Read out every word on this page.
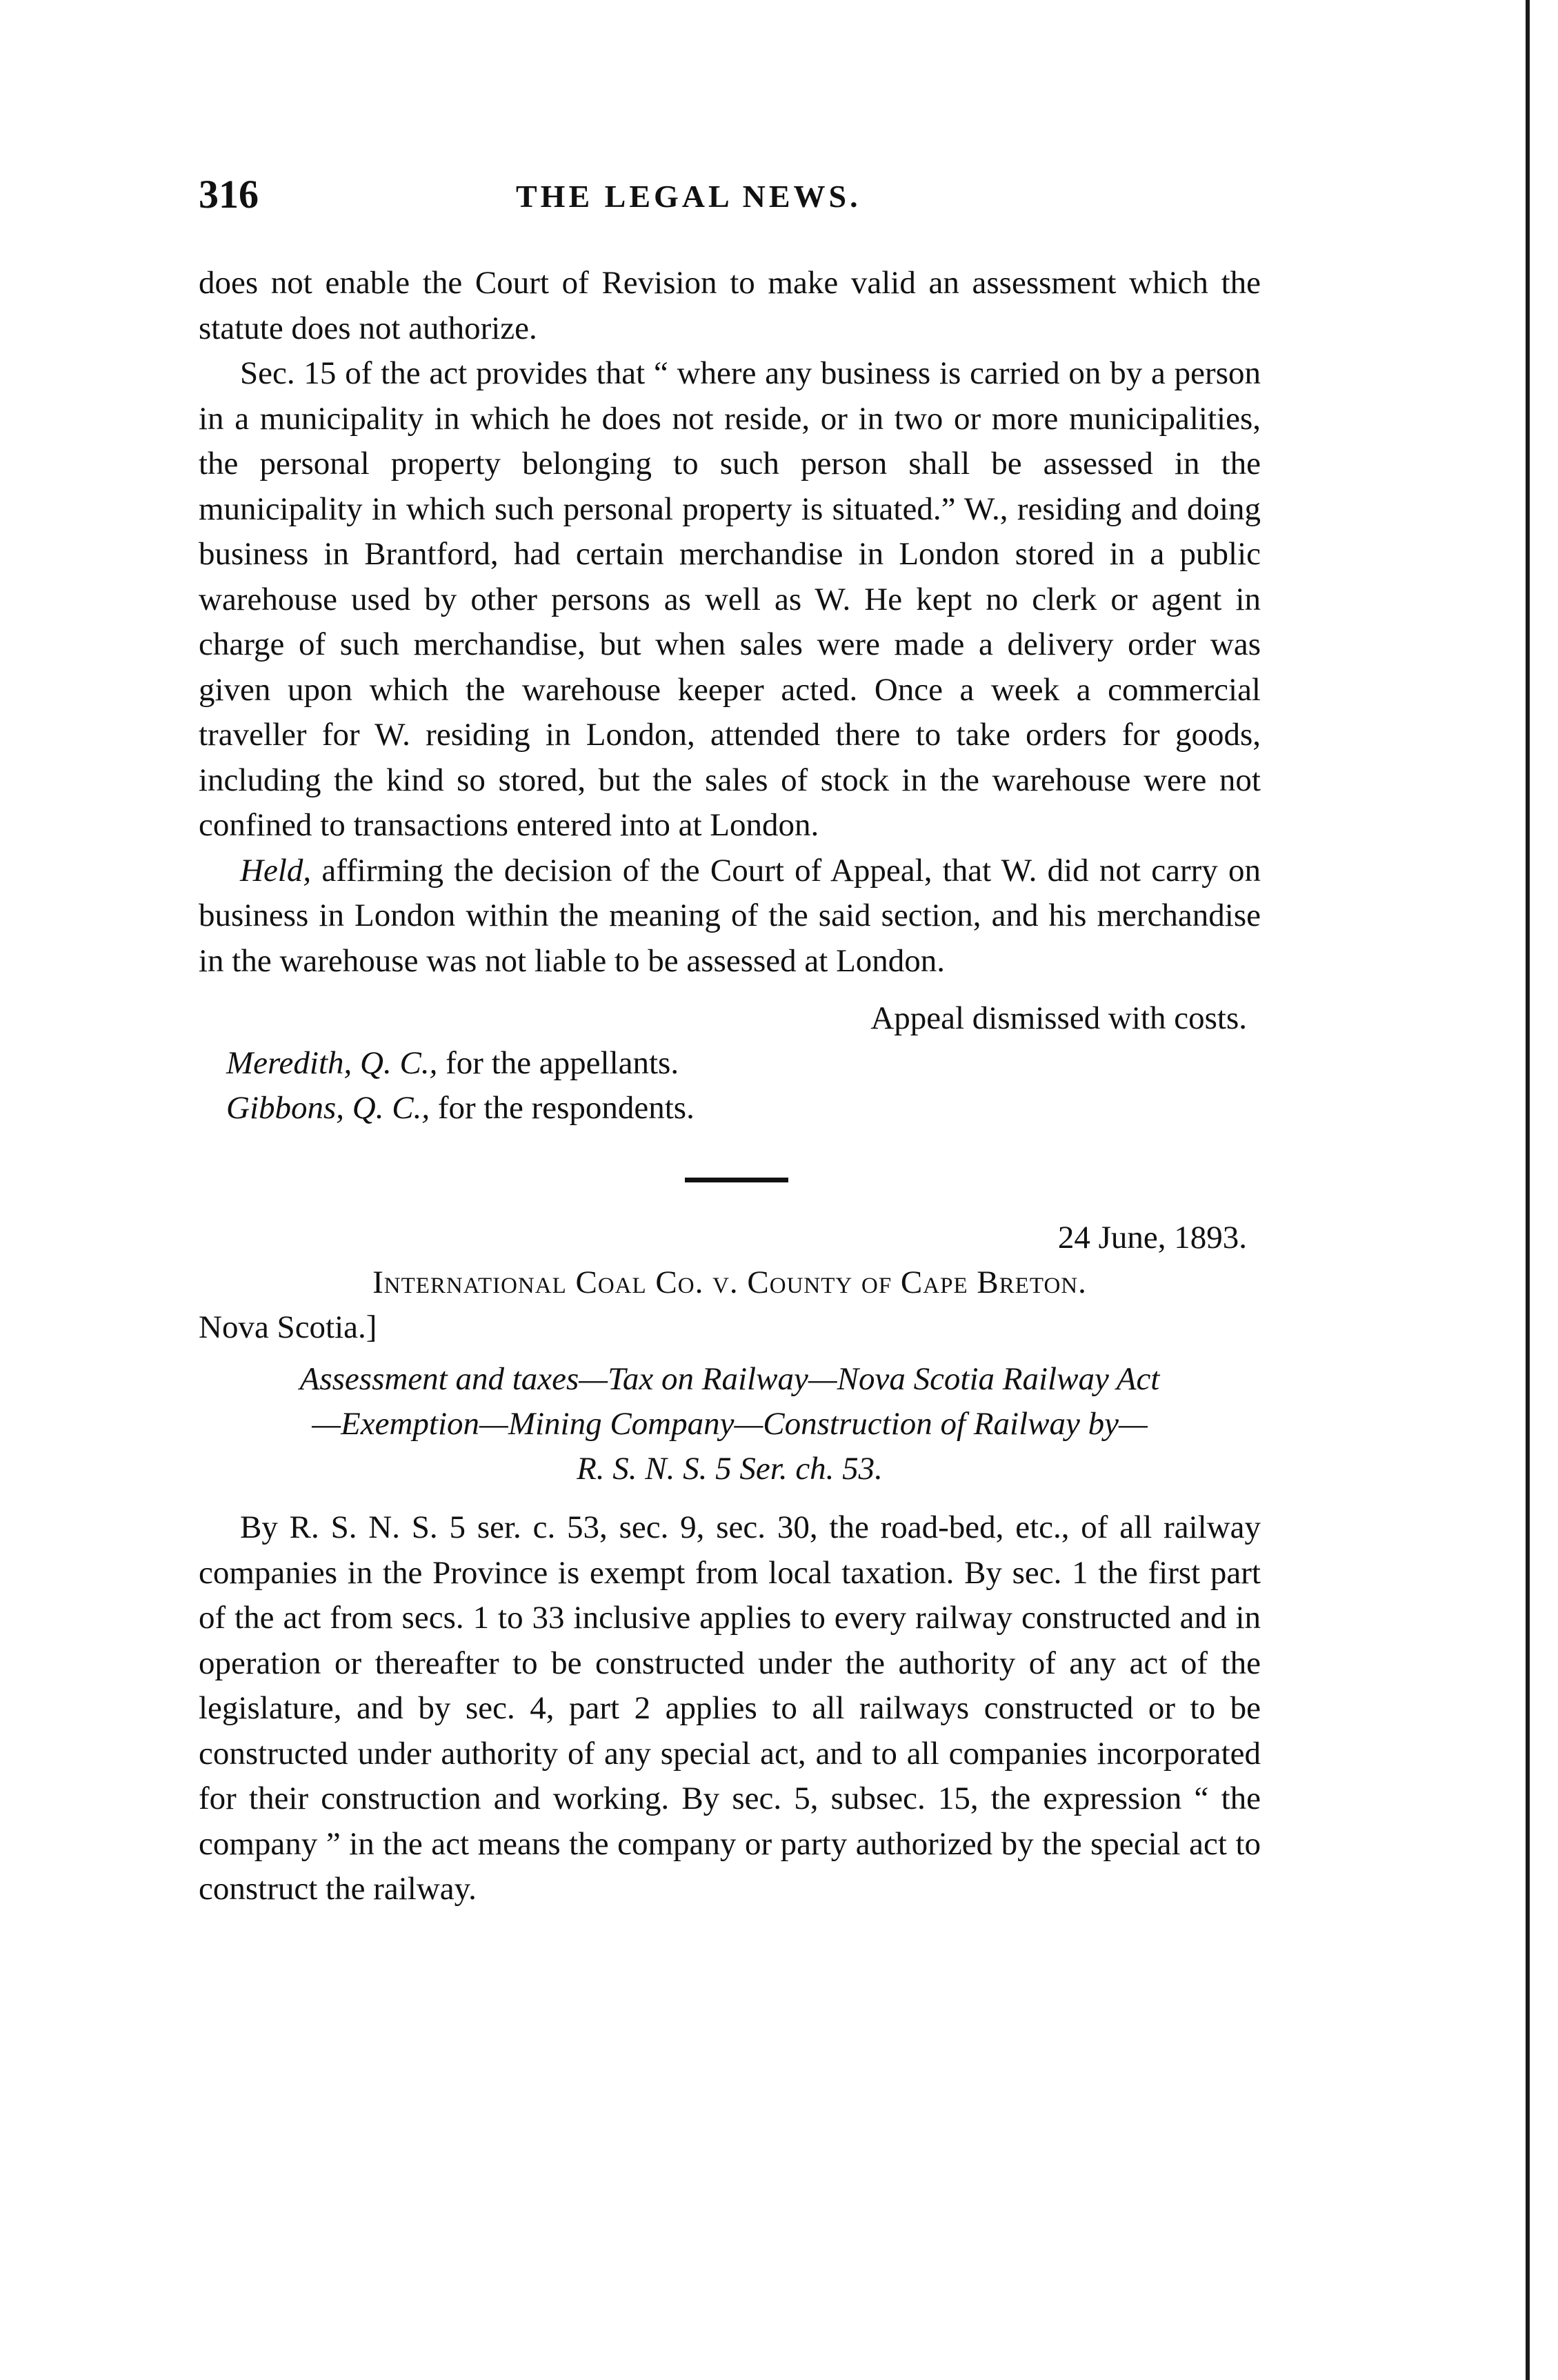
316	THE LEGAL NEWS.

does not enable the Court of Revision to make valid an assessment which the statute does not authorize.

Sec. 15 of the act provides that “ where any business is carried on by a person in a municipality in which he does not reside, or in two or more municipalities, the personal property belonging to such person shall be assessed in the municipality in which such personal property is situated.” W., residing and doing business in Brantford, had certain merchandise in London stored in a public warehouse used by other persons as well as W. He kept no clerk or agent in charge of such merchandise, but when sales were made a delivery order was given upon which the warehouse keeper acted. Once a week a commercial traveller for W. residing in London, attended there to take orders for goods, including the kind so stored, but the sales of stock in the warehouse were not confined to transactions entered into at London.

Held, affirming the decision of the Court of Appeal, that W. did not carry on business in London within the meaning of the said section, and his merchandise in the warehouse was not liable to be assessed at London.

Appeal dismissed with costs.

Meredith, Q. C., for the appellants.

Gibbons, Q. C., for the respondents.

24 June, 1893.

International Coal Co. v. County of Cape Breton.

Nova Scotia.]

Assessment and taxes—Tax on Railway—Nova Scotia Railway Act
—Exemption—Mining Company—Construction of Railway by—
R. S. N. S. 5 Ser. ch. 53.

By R. S. N. S. 5 ser. c. 53, sec. 9, sec. 30, the road-bed, etc., of all railway companies in the Province is exempt from local taxation. By sec. 1 the first part of the act from secs. 1 to 33 inclusive applies to every railway constructed and in operation or thereafter to be constructed under the authority of any act of the legislature, and by sec. 4, part 2 applies to all railways constructed or to be constructed under authority of any special act, and to all companies incorporated for their construction and working. By sec. 5, subsec. 15, the expression “ the company ” in the act means the company or party authorized by the special act to construct the railway.
